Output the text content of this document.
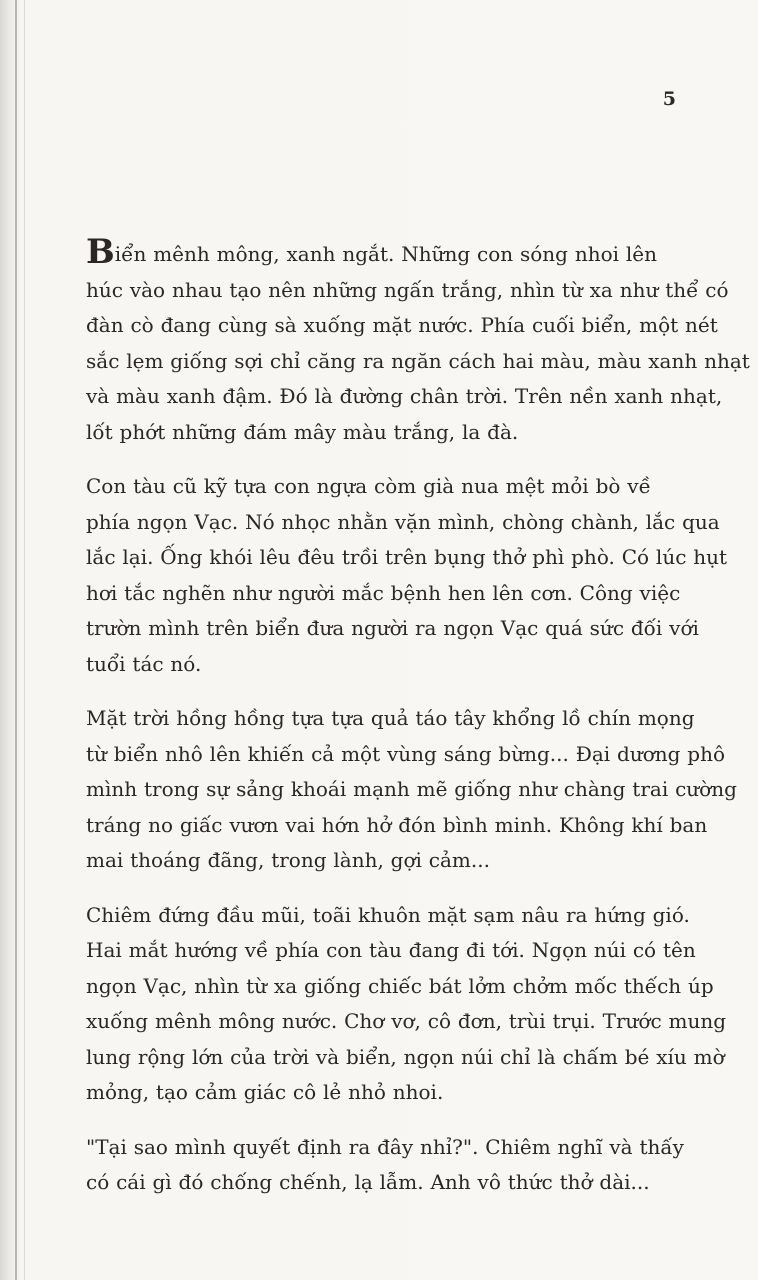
5

Biển mênh mông, xanh ngắt. Những con sóng nhoi lên
húc vào nhau tạo nên những ngấn trắng, nhìn từ xa như thể có
đàn cò đang cùng sà xuống mặt nước. Phía cuối biển, một nét
sắc lẹm giống sợi chỉ căng ra ngăn cách hai màu, màu xanh nhạt
và màu xanh đậm. Đó là đường chân trời. Trên nền xanh nhạt,
lốt phớt những đám mây màu trắng, la đà.

Con tàu cũ kỹ tựa con ngựa còm già nua mệt mỏi bò về
phía ngọn Vạc. Nó nhọc nhằn vặn mình, chòng chành, lắc qua
lắc lại. Ống khói lêu đêu trồi trên bụng thở phì phò. Có lúc hụt
hơi tắc nghẽn như người mắc bệnh hen lên cơn. Công việc
trườn mình trên biển đưa người ra ngọn Vạc quá sức đối với
tuổi tác nó.

Mặt trời hồng hồng tựa tựa quả táo tây khổng lồ chín mọng
từ biển nhô lên khiến cả một vùng sáng bừng... Đại dương phô
mình trong sự sảng khoái mạnh mẽ giống như chàng trai cường
tráng no giấc vươn vai hớn hở đón bình minh. Không khí ban
mai thoáng đãng, trong lành, gợi cảm...

Chiêm đứng đầu mũi, toãi khuôn mặt sạm nâu ra hứng gió.
Hai mắt hướng về phía con tàu đang đi tới. Ngọn núi có tên
ngọn Vạc, nhìn từ xa giống chiếc bát lởm chởm mốc thếch úp
xuống mênh mông nước. Chơ vơ, cô đơn, trùi trụi. Trước mung
lung rộng lớn của trời và biển, ngọn núi chỉ là chấm bé xíu mờ
mỏng, tạo cảm giác cô lẻ nhỏ nhoi.

"Tại sao mình quyết định ra đây nhỉ?". Chiêm nghĩ và thấy
có cái gì đó chống chếnh, lạ lẫm. Anh vô thức thở dài...
